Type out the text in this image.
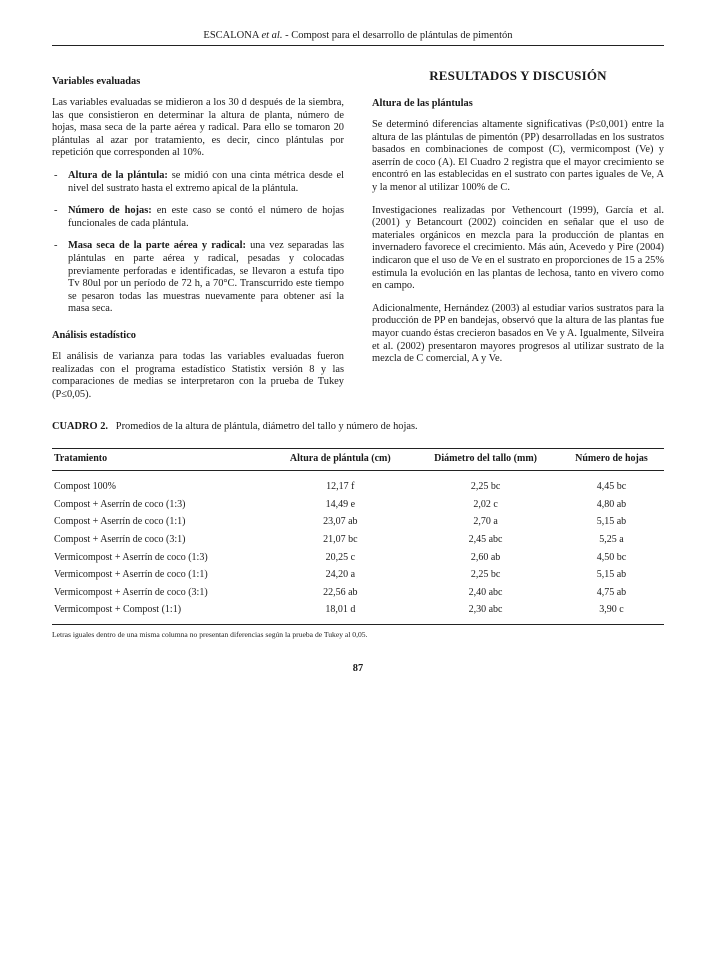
ESCALONA et al. - Compost para el desarrollo de plántulas de pimentón
Variables evaluadas

Las variables evaluadas se midieron a los 30 d después de la siembra, las que consistieron en determinar la altura de planta, número de hojas, masa seca de la parte aérea y radical. Para ello se tomaron 20 plántulas al azar por tratamiento, es decir, cinco plántulas por repetición que corresponden al 10%.

- Altura de la plántula: se midió con una cinta métrica desde el nivel del sustrato hasta el extremo apical de la plántula.
- Número de hojas: en este caso se contó el número de hojas funcionales de cada plántula.
- Masa seca de la parte aérea y radical: una vez separadas las plántulas en parte aérea y radical, pesadas y colocadas previamente perforadas e identificadas, se llevaron a estufa tipo Tv 80ul por un período de 72 h, a 70°C. Transcurrido este tiempo se pesaron todas las muestras nuevamente para obtener así la masa seca.
Análisis estadístico

El análisis de varianza para todas las variables evaluadas fueron realizadas con el programa estadístico Statistix versión 8 y las comparaciones de medias se interpretaron con la prueba de Tukey (P≤0,05).

RESULTADOS Y DISCUSIÓN
Altura de las plántulas

Se determinó diferencias altamente significativas (P≤0,001) entre la altura de las plántulas de pimentón (PP) desarrolladas en los sustratos basados en combinaciones de compost (C), vermicompost (Ve) y aserrín de coco (A). El Cuadro 2 registra que el mayor crecimiento se encontró en las establecidas en el sustrato con partes iguales de Ve, A y la menor al utilizar 100% de C.

Investigaciones realizadas por Vethencourt (1999), García et al. (2001) y Betancourt (2002) coinciden en señalar que el uso de materiales orgánicos en mezcla para la producción de plantas en invernadero favorece el crecimiento. Más aún, Acevedo y Pire (2004) indicaron que el uso de Ve en el sustrato en proporciones de 15 a 25% estimula la evolución en las plantas de lechosa, tanto en vivero como en campo.

Adicionalmente, Hernández (2003) al estudiar varios sustratos para la producción de PP en bandejas, observó que la altura de las plantas fue mayor cuando éstas crecieron basados en Ve y A. Igualmente, Silveira et al. (2002) presentaron mayores progresos al utilizar sustrato de la mezcla de C comercial, A y Ve.

CUADRO 2. Promedios de la altura de plántula, diámetro del tallo y número de hojas.
Tratamiento	Altura de plántula (cm)	Diámetro del tallo (mm)	Número de hojas
Compost 100%	12,17 f	2,25 bc	4,45 bc
Compost + Aserrín de coco (1:3)	14,49 e	2,02 c	4,80 ab
Compost + Aserrín de coco (1:1)	23,07 ab	2,70 a	5,15 ab
Compost + Aserrín de coco (3:1)	21,07 bc	2,45 abc	5,25 a
Vermicompost + Aserrín de coco (1:3)	20,25 c	2,60 ab	4,50 bc
Vermicompost + Aserrín de coco (1:1)	24,20 a	2,25 bc	5,15 ab
Vermicompost + Aserrín de coco (3:1)	22,56 ab	2,40 abc	4,75 ab
Vermicompost + Compost (1:1)	18,01 d	2,30 abc	3,90 c
Letras iguales dentro de una misma columna no presentan diferencias según la prueba de Tukey al 0,05.
87
